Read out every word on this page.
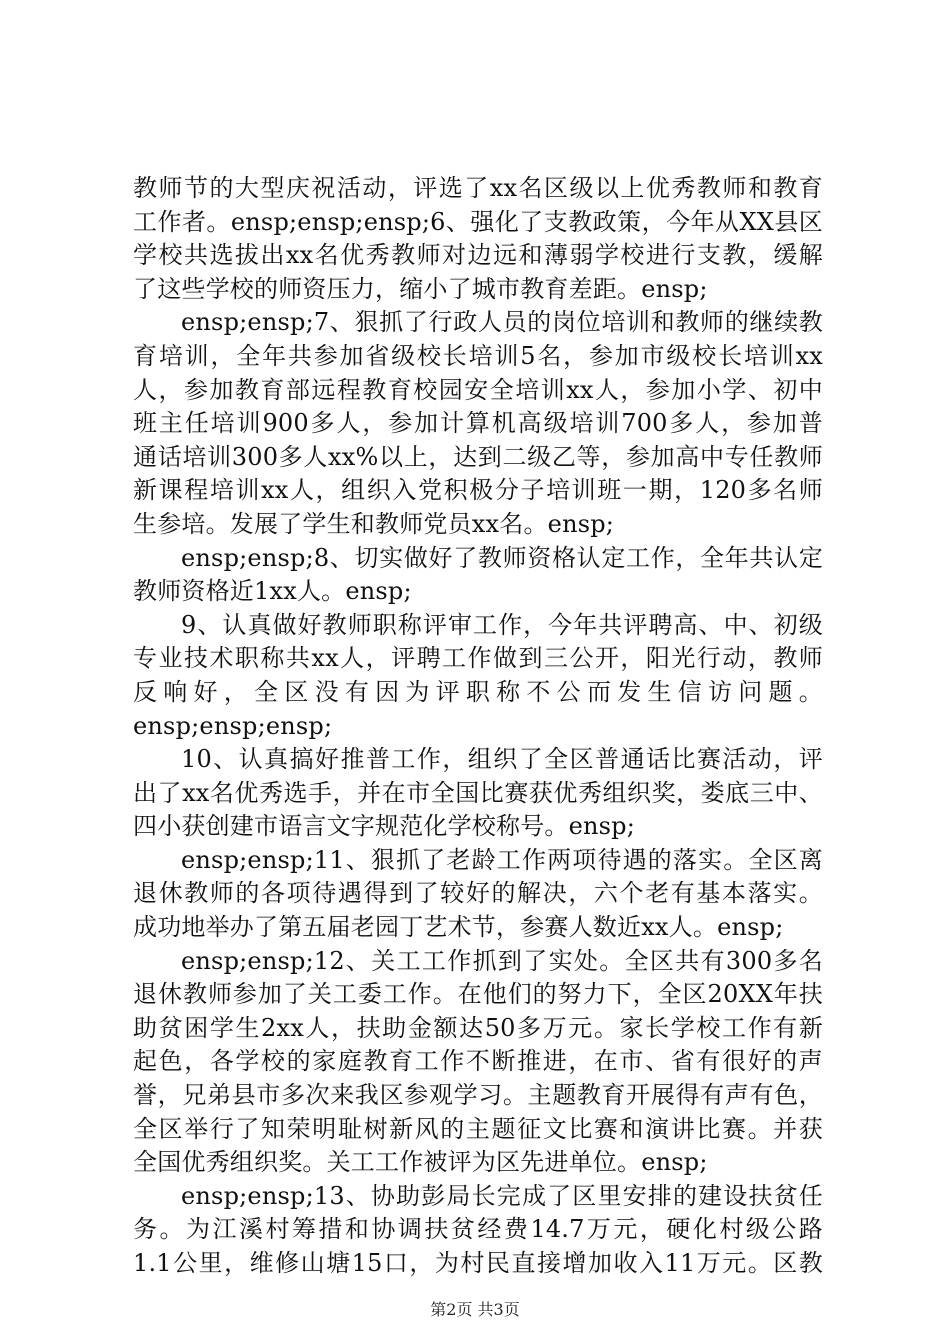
教师节的大型庆祝活动，评选了xx名区级以上优秀教师和教育
工作者。ensp;ensp;ensp;6、强化了支教政策，今年从XX县区
学校共选拔出xx名优秀教师对边远和薄弱学校进行支教，缓解
了这些学校的师资压力，缩小了城市教育差距。ensp;
ensp;ensp;7、狠抓了行政人员的岗位培训和教师的继续教
育培训，全年共参加省级校长培训5名，参加市级校长培训xx
人，参加教育部远程教育校园安全培训xx人，参加小学、初中
班主任培训900多人，参加计算机高级培训700多人，参加普
通话培训300多人xx%以上，达到二级乙等，参加高中专任教师
新课程培训xx人，组织入党积极分子培训班一期，120多名师
生参培。发展了学生和教师党员xx名。ensp;
ensp;ensp;8、切实做好了教师资格认定工作，全年共认定
教师资格近1xx人。ensp;
9、认真做好教师职称评审工作，今年共评聘高、中、初级
专业技术职称共xx人，评聘工作做到三公开，阳光行动，教师
反响好，全区没有因为评职称不公而发生信访问题。
ensp;ensp;ensp;
10、认真搞好推普工作，组织了全区普通话比赛活动，评
出了xx名优秀选手，并在市全国比赛获优秀组织奖，娄底三中、
四小获创建市语言文字规范化学校称号。ensp;
ensp;ensp;11、狠抓了老龄工作两项待遇的落实。全区离
退休教师的各项待遇得到了较好的解决，六个老有基本落实。
成功地举办了第五届老园丁艺术节，参赛人数近xx人。ensp;
ensp;ensp;12、关工工作抓到了实处。全区共有300多名
退休教师参加了关工委工作。在他们的努力下，全区20XX年扶
助贫困学生2xx人，扶助金额达50多万元。家长学校工作有新
起色，各学校的家庭教育工作不断推进，在市、省有很好的声
誉，兄弟县市多次来我区参观学习。主题教育开展得有声有色，
全区举行了知荣明耻树新风的主题征文比赛和演讲比赛。并获
全国优秀组织奖。关工工作被评为区先进单位。ensp;
ensp;ensp;13、协助彭局长完成了区里安排的建设扶贫任
务。为江溪村筹措和协调扶贫经费14.7万元，硬化村级公路
1.1公里，维修山塘15口，为村民直接增加收入11万元。区教
第2页 共3页
